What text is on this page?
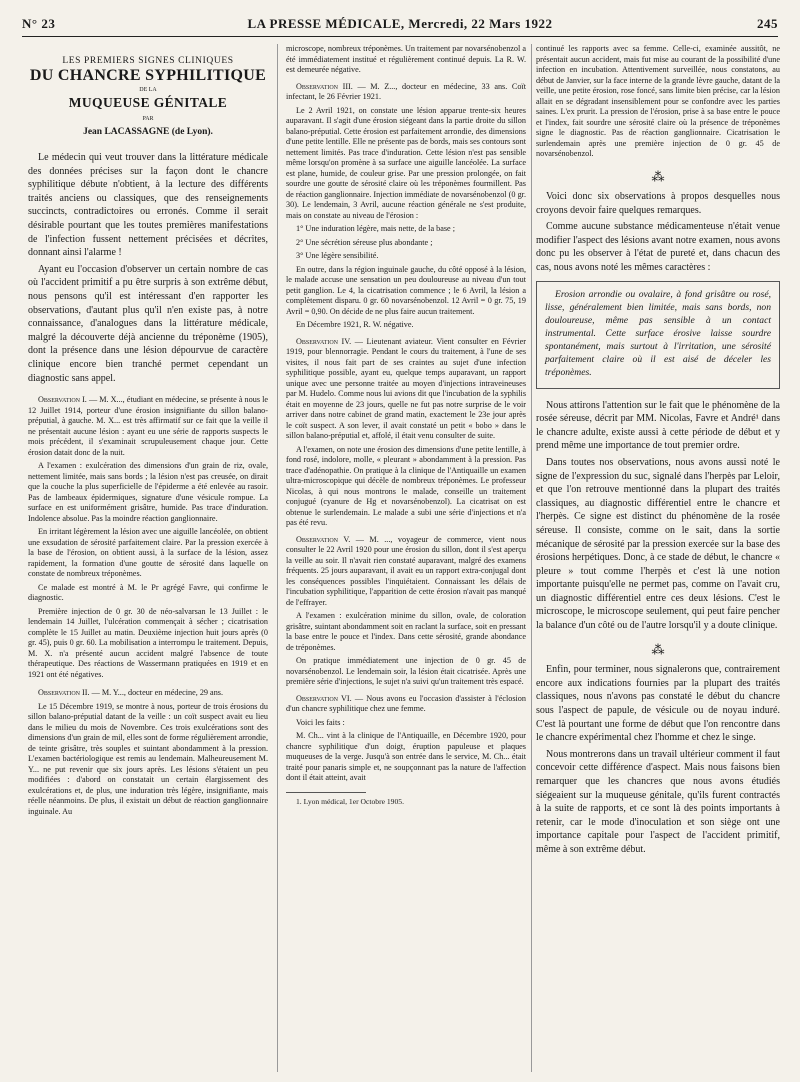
N° 23	LA PRESSE MÉDICALE, Mercredi, 22 Mars 1922	245
LES PREMIERS SIGNES CLINIQUES
DU CHANCRE SYPHILITIQUE
DE LA
MUQUEUSE GÉNITALE
PAR
Jean LACASSAGNE (de Lyon).

Le médecin qui veut trouver dans la littérature médicale des données précises sur la façon dont le chancre syphilitique débute n'obtient, à la lecture des différents traités anciens ou classiques, que des renseignements succincts, contradictoires ou erronés. Comme il serait désirable pourtant que les toutes premières manifestations de l'infection fussent nettement précisées et décrites, donnant ainsi l'alarme !

Ayant eu l'occasion d'observer un certain nombre de cas où l'accident primitif a pu être surpris à son extrême début, nous pensons qu'il est intéressant d'en rapporter les observations, d'autant plus qu'il n'en existe pas, à notre connaissance, d'analogues dans la littérature médicale, malgré la découverte déjà ancienne du tréponème (1905), dont la présence dans une lésion dépourvue de caractère clinique encore bien tranché permet cependant un diagnostic sans appel.

Observation I. — M. X..., étudiant en médecine, se présente à nous le 12 Juillet 1914, porteur d'une érosion insignifiante du sillon balano-préputial, à gauche. M. X... est très affirmatif sur ce fait que la veille il ne présentait aucune lésion : ayant eu une série de rapports suspects le mois précédent, il s'examinait scrupuleusement chaque jour. Cette érosion datait donc de la nuit.

A l'examen : exulcération des dimensions d'un grain de riz, ovale, nettement limitée, mais sans bords ; la lésion n'est pas creusée, on dirait que la couche la plus superficielle de l'épiderme a été enlevée au rasoir. Pas de lambeaux épidermiques, signature d'une vésicule rompue. La surface en est uniformément grisâtre, humide. Pas trace d'induration. Indolence absolue. Pas la moindre réaction ganglionnaire.

En irritant légèrement la lésion avec une aiguille lancéolée, on obtient une exsudation de sérosité parfaitement claire. Par la pression exercée à la base de l'érosion, on obtient aussi, à la surface de la lésion, assez rapidement, la formation d'une goutte de sérosité dans laquelle on constate de nombreux tréponèmes.

Ce malade est montré à M. le Pr agrégé Favre, qui confirme le diagnostic.

Première injection de 0 gr. 30 de néo-salvarsan le 13 Juillet : le lendemain 14 Juillet, l'ulcération commençait à sécher ; cicatrisation complète le 15 Juillet au matin. Deuxième injection huit jours après (0 gr. 45), puis 0 gr. 60. La mobilisation a interrompu le traitement. Depuis, M. X. n'a présenté aucun accident malgré l'absence de toute thérapeutique. Des réactions de Wassermann pratiquées en 1919 et en 1921 ont été négatives.

Observation II. — M. Y..., docteur en médecine, 29 ans.

Le 15 Décembre 1919, se montre à nous, porteur de trois érosions du sillon balano-préputial datant de la veille : un coït suspect avait eu lieu dans le milieu du mois de Novembre. Ces trois exulcérations sont des dimensions d'un grain de mil, elles sont de forme régulièrement arrondie, de teinte grisâtre, très souples et suintant abondamment à la pression. L'examen bactériologique est remis au lendemain. Malheureusement M. Y... ne put revenir que six jours après. Les lésions s'étaient un peu modifiées : d'abord on constatait un certain élargissement des exulcérations et, de plus, une induration très légère, insignifiante, mais réelle néanmoins. De plus, il existait un début de réaction ganglionnaire inguinale. Au

microscope, nombreux tréponèmes. Un traitement par novarsénobenzol a été immédiatement institué et régulièrement continué depuis. La R. W. est demeurée négative.

Observation III. — M. Z..., docteur en médecine, 33 ans. Coït infectant, le 26 Février 1921.

Le 2 Avril 1921, on constate une lésion apparue trente-six heures auparavant. Il s'agit d'une érosion siégeant dans la partie droite du sillon balano-préputial. Cette érosion est parfaitement arrondie, des dimensions d'une petite lentille. Elle ne présente pas de bords, mais ses contours sont nettement limités. Pas trace d'induration. Cette lésion n'est pas sensible même lorsqu'on promène à sa surface une aiguille lancéolée. La surface est plane, humide, de couleur grise. Par une pression prolongée, on fait sourdre une goutte de sérosité claire où les tréponèmes fourmillent. Pas de réaction ganglionnaire. Injection immédiate de novarsénobenzol (0 gr. 30). Le lendemain, 3 Avril, aucune réaction générale ne s'est produite, mais on constate au niveau de l'érosion :

1° Une induration légère, mais nette, de la base ;

2° Une sécrétion séreuse plus abondante ;

3° Une légère sensibilité.

En outre, dans la région inguinale gauche, du côté opposé à la lésion, le malade accuse une sensation un peu douloureuse au niveau d'un tout petit ganglion. Le 4, la cicatrisation commence ; le 6 Avril, la lésion a complètement disparu. 0 gr. 60 novarsénobenzol. 12 Avril = 0 gr. 75, 19 Avril = 0,90. On décide de ne plus faire aucun traitement.

En Décembre 1921, R. W. négative.

Observation IV. — Lieutenant aviateur. Vient consulter en Février 1919, pour blennorragie. Pendant le cours du traitement, à l'une de ses visites, il nous fait part de ses craintes au sujet d'une infection syphilitique possible, ayant eu, quelque temps auparavant, un rapport unique avec une personne traitée au moyen d'injections intraveineuses par M. Hudelo. Comme nous lui avions dit que l'incubation de la syphilis était en moyenne de 23 jours, quelle ne fut pas notre surprise de le voir arriver dans notre cabinet de grand matin, exactement le 23e jour après le coït suspect. A son lever, il avait constaté un petit « bobo » dans le sillon balano-préputial et, affolé, il était venu consulter de suite.

A l'examen, on note une érosion des dimensions d'une petite lentille, à fond rosé, indolore, molle, « pleurant » abondamment à la pression. Pas trace d'adénopathie. On pratique à la clinique de l'Antiquaille un examen ultra-microscopique qui décèle de nombreux tréponèmes. Le professeur Nicolas, à qui nous montrons le malade, conseille un traitement conjugué (cyanure de Hg et novarsénobenzol). La cicatrisat on est obtenue le surlendemain. Le malade a subi une série d'injections et n'a pas été revu.

Observation V. — M. ..., voyageur de commerce, vient nous consulter le 22 Avril 1920 pour une érosion du sillon, dont il s'est aperçu la veille au soir. Il n'avait rien constaté auparavant, malgré des examens fréquents. 25 jours auparavant, il avait eu un rapport extra-conjugal dont les conséquences possibles l'inquiétaient. Connaissant les délais de l'incubation syphilitique, l'apparition de cette érosion n'avait pas manqué de l'effrayer.

A l'examen : exulcération minime du sillon, ovale, de coloration grisâtre, suintant abondamment soit en raclant la surface, soit en pressant la base entre le pouce et l'index. Dans cette sérosité, grande abondance de tréponèmes.

On pratique immédiatement une injection de 0 gr. 45 de novarsénobenzol. Le lendemain soir, la lésion était cicatrisée. Après une première série d'injections, le sujet n'a suivi qu'un traitement très espacé.

Observation VI. — Nous avons eu l'occasion d'assister à l'éclosion d'un chancre syphilitique chez une femme.

Voici les faits :

M. Ch... vint à la clinique de l'Antiquaille, en Décembre 1920, pour chancre syphilitique d'un doigt, éruption papuleuse et plaques muqueuses de la verge. Jusqu'à son entrée dans le service, M. Ch... était traité pour panaris simple et, ne soupçonnant pas la nature de l'affection dont il était atteint, avait

1. Lyon médical, 1er Octobre 1905.

continué les rapports avec sa femme. Celle-ci, examinée aussitôt, ne présentait aucun accident, mais fut mise au courant de la possibilité d'une infection en incubation. Attentivement surveillée, nous constatons, au début de Janvier, sur la face interne de la grande lèvre gauche, datant de la veille, une petite érosion, rose foncé, sans limite bien précise, car la lésion allait en se dégradant insensiblement pour se confondre avec les parties saines. L'ex prurit. La pression de l'érosion, prise à sa base entre le pouce et l'index, fait sourdre une sérosité claire où la présence de tréponèmes signe le diagnostic. Pas de réaction ganglionnaire. Cicatrisation le surlendemain après une première injection de 0 gr. 45 de novarsénobenzol.

⁂

Voici donc six observations à propos desquelles nous croyons devoir faire quelques remarques.

Comme aucune substance médicamenteuse n'était venue modifier l'aspect des lésions avant notre examen, nous avons donc pu les observer à l'état de pureté et, dans chacun des cas, nous avons noté les mêmes caractères :

Erosion arrondie ou ovalaire, à fond grisâtre ou rosé, lisse, généralement bien limitée, mais sans bords, non douloureuse, même pas sensible à un contact instrumental. Cette surface érosive laisse sourdre spontanément, mais surtout à l'irritation, une sérosité parfaitement claire où il est aisé de déceler les tréponèmes.

Nous attirons l'attention sur le fait que le phénomène de la rosée séreuse, décrit par MM. Nicolas, Favre et André¹ dans le chancre adulte, existe aussi à cette période de début et y prend même une importance de tout premier ordre.

Dans toutes nos observations, nous avons aussi noté le signe de l'expression du suc, signalé dans l'herpès par Leloir, et que l'on retrouve mentionné dans la plupart des traités classiques, au diagnostic différentiel entre le chancre et l'herpès. Ce signe est distinct du phénomène de la rosée séreuse. Il consiste, comme on le sait, dans la sortie mécanique de sérosité par la pression exercée sur la base des érosions herpétiques. Donc, à ce stade de début, le chancre « pleure » tout comme l'herpès et c'est là une notion importante puisqu'elle ne permet pas, comme on l'avait cru, un diagnostic différentiel entre ces deux lésions. C'est le microscope, le microscope seulement, qui peut faire pencher la balance d'un côté ou de l'autre lorsqu'il y a doute clinique.

⁂

Enfin, pour terminer, nous signalerons que, contrairement encore aux indications fournies par la plupart des traités classiques, nous n'avons pas constaté le début du chancre sous l'aspect de papule, de vésicule ou de noyau induré. C'est là pourtant une forme de début que l'on rencontre dans le chancre expérimental chez l'homme et chez le singe.

Nous montrerons dans un travail ultérieur comment il faut concevoir cette différence d'aspect. Mais nous faisons bien remarquer que les chancres que nous avons étudiés siégeaient sur la muqueuse génitale, qu'ils furent contractés à la suite de rapports, et ce sont là des points importants à retenir, car le mode d'inoculation et son siège ont une importance capitale pour l'aspect de l'accident primitif, même à son extrême début.
